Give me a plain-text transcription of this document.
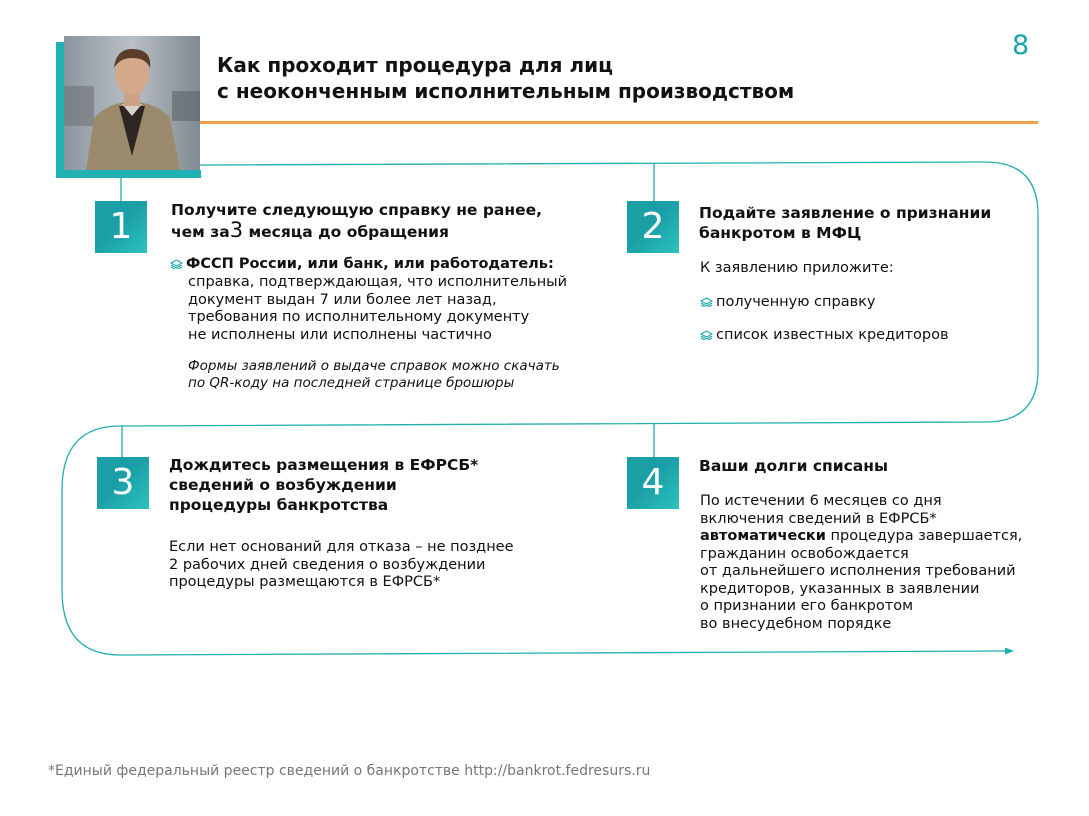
8
Как проходит процедура для лиц
с неоконченным исполнительным производством
1	Получите следующую справку не ранее,
чем за3 месяца до обращения
ФССП России, или банк, или работодатель:
справка, подтверждающая, что исполнительный
документ выдан 7 или более лет назад,
требования по исполнительному документу
не исполнены или исполнены частично
Формы заявлений о выдаче справок можно скачать
по QR-коду на последней странице брошюры
2	Подайте заявление о признании
банкротом в МФЦ
К заявлению приложите:
полученную справку
список известных кредиторов
3	Дождитесь размещения в ЕФРСБ*
сведений о возбуждении
процедуры банкротства
Если нет оснований для отказа – не позднее
2 рабочих дней сведения о возбуждении
процедуры размещаются в ЕФРСБ*
4	Ваши долги списаны
По истечении 6 месяцев со дня
включения сведений в ЕФРСБ*
автоматически процедура завершается,
гражданин освобождается
от дальнейшего исполнения требований
кредиторов, указанных в заявлении
о признании его банкротом
во внесудебном порядке
*Единый федеральный реестр сведений о банкротстве http://bankrot.fedresurs.ru
